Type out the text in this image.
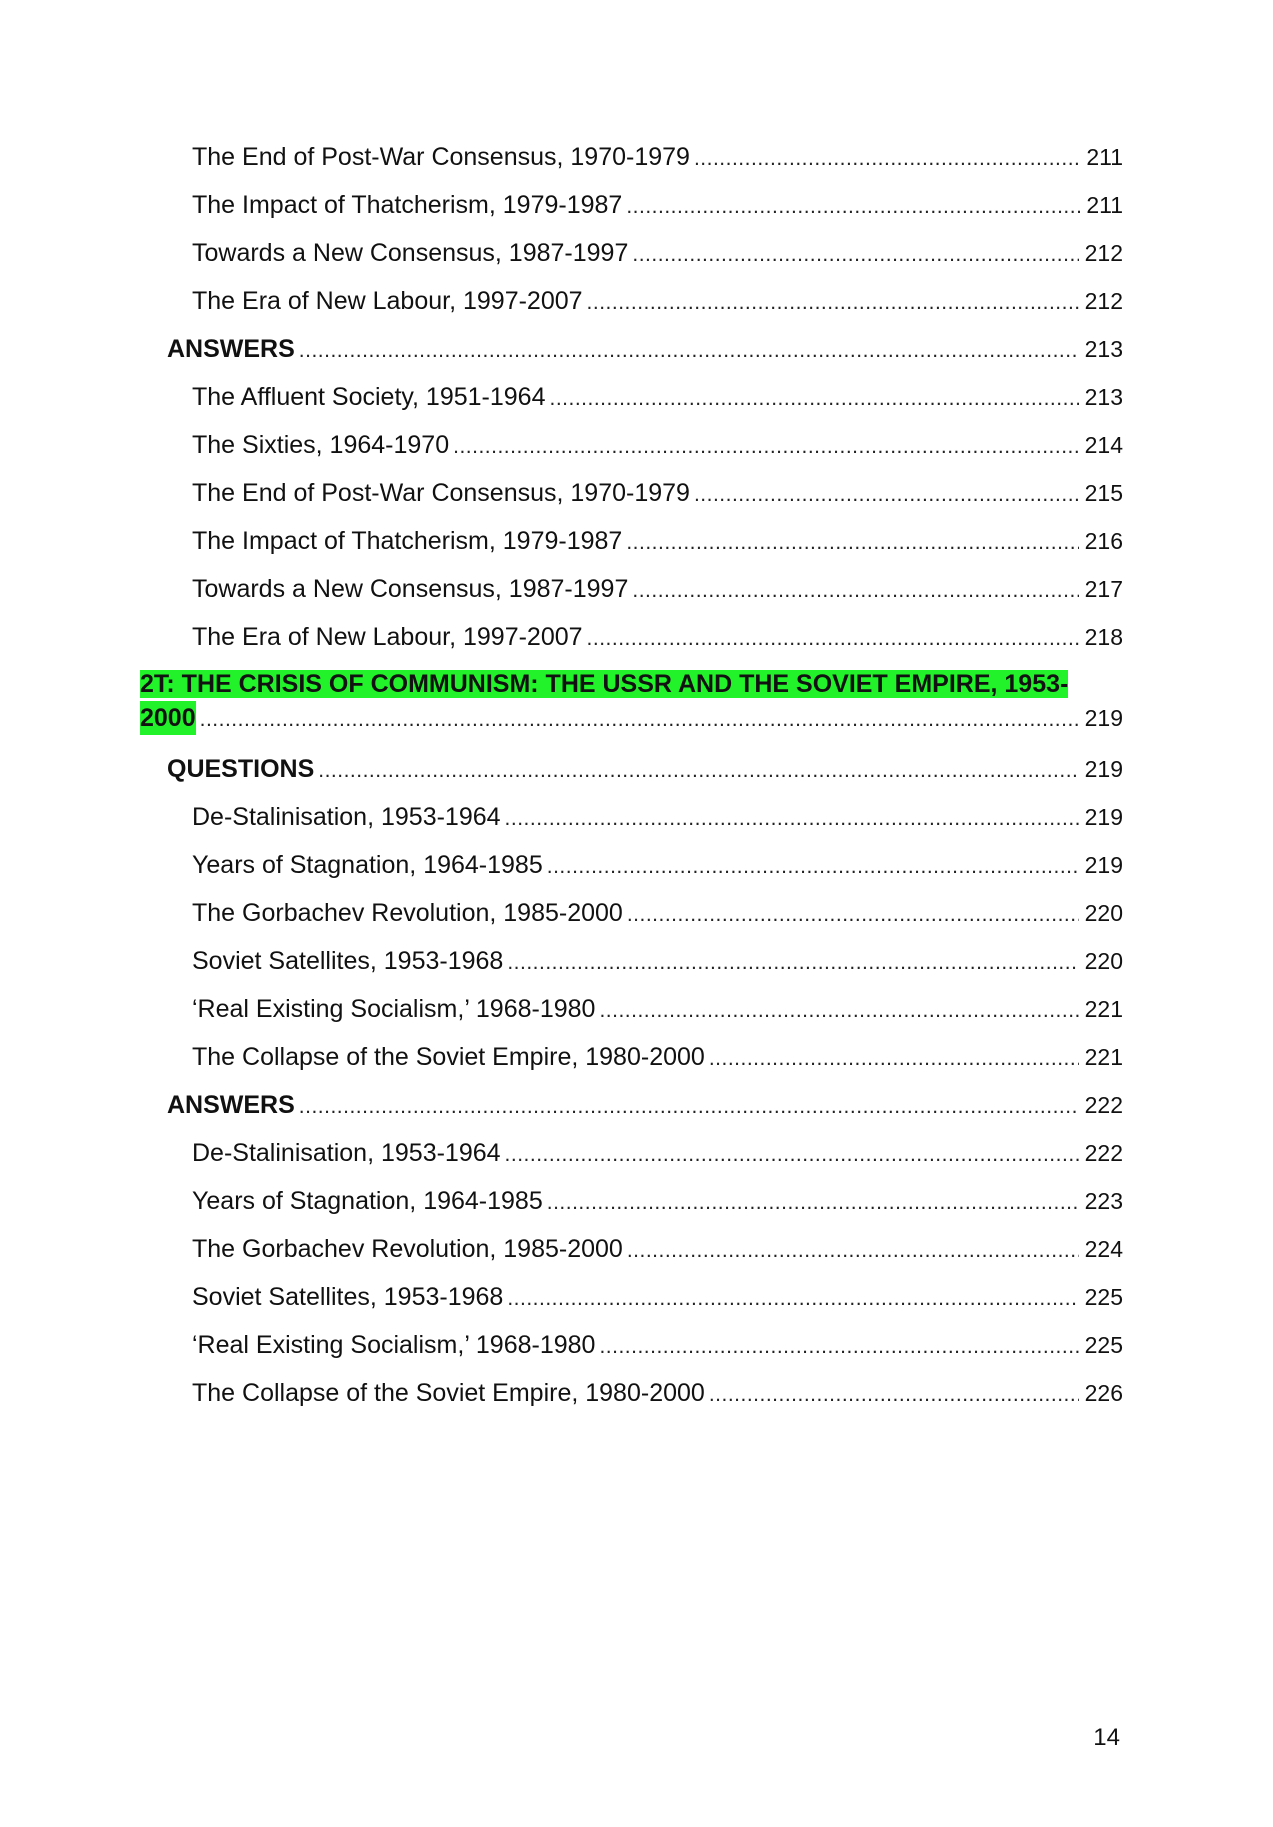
The End of Post-War Consensus, 1970-1979 .....	211
The Impact of Thatcherism, 1979-1987 .....	211
Towards a New Consensus, 1987-1997 .....	212
The Era of New Labour, 1997-2007 .....	212
ANSWERS .....	213
The Affluent Society, 1951-1964 .....	213
The Sixties, 1964-1970 .....	214
The End of Post-War Consensus, 1970-1979 .....	215
The Impact of Thatcherism, 1979-1987 .....	216
Towards a New Consensus, 1987-1997 .....	217
The Era of New Labour, 1997-2007 .....	218
2T: THE CRISIS OF COMMUNISM: THE USSR AND THE SOVIET EMPIRE, 1953-
2000 .....	219
QUESTIONS .....	219
De-Stalinisation, 1953-1964 .....	219
Years of Stagnation, 1964-1985 .....	219
The Gorbachev Revolution, 1985-2000 .....	220
Soviet Satellites, 1953-1968 .....	220
‘Real Existing Socialism,’ 1968-1980 .....	221
The Collapse of the Soviet Empire, 1980-2000 .....	221
ANSWERS .....	222
De-Stalinisation, 1953-1964 .....	222
Years of Stagnation, 1964-1985 .....	223
The Gorbachev Revolution, 1985-2000 .....	224
Soviet Satellites, 1953-1968 .....	225
‘Real Existing Socialism,’ 1968-1980 .....	225
The Collapse of the Soviet Empire, 1980-2000 .....	226
14
